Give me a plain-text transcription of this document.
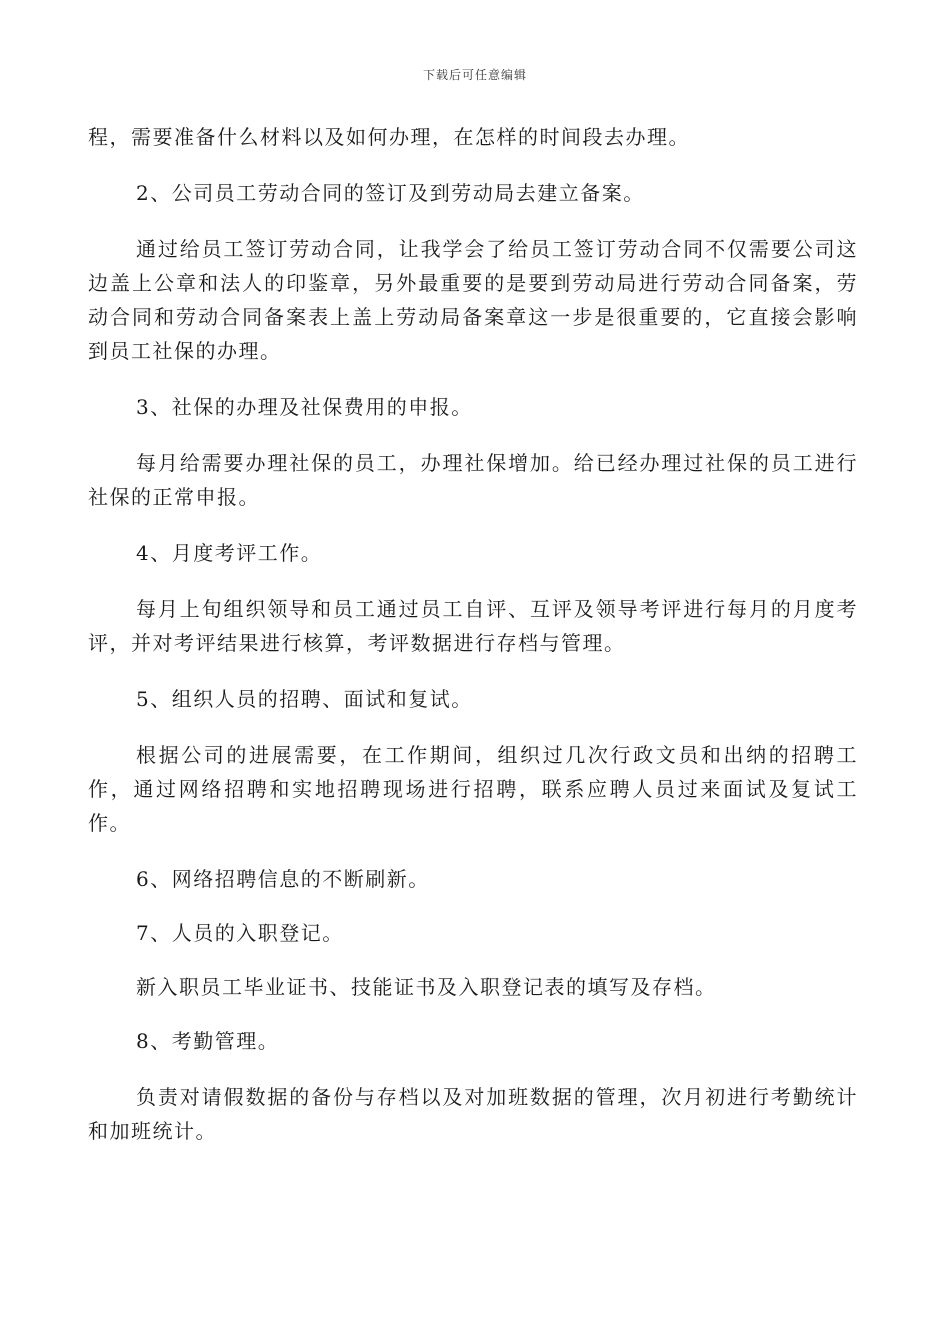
下载后可任意编辑

程，需要准备什么材料以及如何办理，在怎样的时间段去办理。

2、公司员工劳动合同的签订及到劳动局去建立备案。

通过给员工签订劳动合同，让我学会了给员工签订劳动合同不仅需要公司这边盖上公章和法人的印鉴章，另外最重要的是要到劳动局进行劳动合同备案，劳动合同和劳动合同备案表上盖上劳动局备案章这一步是很重要的，它直接会影响到员工社保的办理。

3、社保的办理及社保费用的申报。

每月给需要办理社保的员工，办理社保增加。给已经办理过社保的员工进行社保的正常申报。

4、月度考评工作。

每月上旬组织领导和员工通过员工自评、互评及领导考评进行每月的月度考评，并对考评结果进行核算，考评数据进行存档与管理。

5、组织人员的招聘、面试和复试。

根据公司的进展需要，在工作期间，组织过几次行政文员和出纳的招聘工作，通过网络招聘和实地招聘现场进行招聘，联系应聘人员过来面试及复试工作。

6、网络招聘信息的不断刷新。

7、人员的入职登记。

新入职员工毕业证书、技能证书及入职登记表的填写及存档。

8、考勤管理。

负责对请假数据的备份与存档以及对加班数据的管理，次月初进行考勤统计和加班统计。
